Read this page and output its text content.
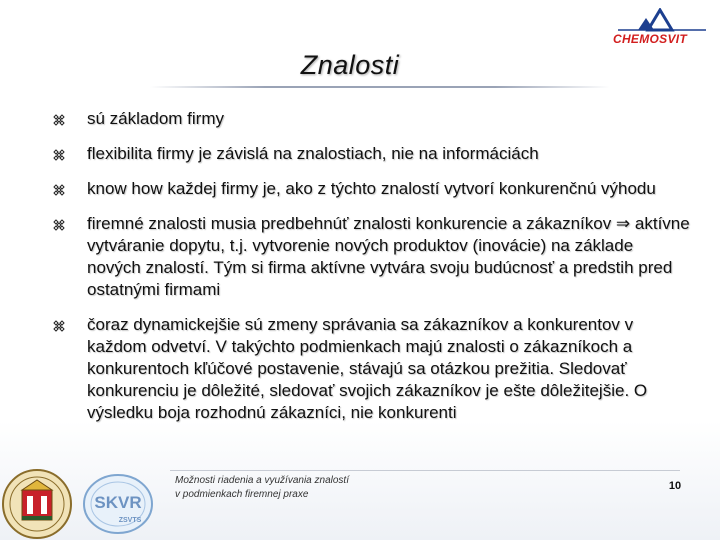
CHEMOSVIT
Znalosti
sú základom firmy
flexibilita firmy je závislá na znalostiach, nie na informáciách
know how každej firmy je, ako z týchto znalostí vytvorí konkurenčnú výhodu
firemné znalosti musia predbehnúť znalosti konkurencie a zákazníkov ⇒ aktívne vytváranie dopytu, t.j. vytvorenie nových produktov (inovácie) na základe nových znalostí. Tým si firma aktívne vytvára svoju budúcnosť a predstih pred ostatnými firmami
čoraz dynamickejšie sú zmeny správania sa zákazníkov a konkurentov v každom odvetví. V takýchto podmienkach majú znalosti o zákazníkoch a konkurentoch kľúčové postavenie, stávajú sa otázkou prežitia. Sledovať konkurenciu je dôležité, sledovať svojich zákazníkov je ešte dôležitejšie. O výsledku boja rozhodnú zákazníci, nie konkurenti
SKVR
ZSVTS
Možnosti riadenia a využívania znalostí
v podmienkach firemnej praxe
10
